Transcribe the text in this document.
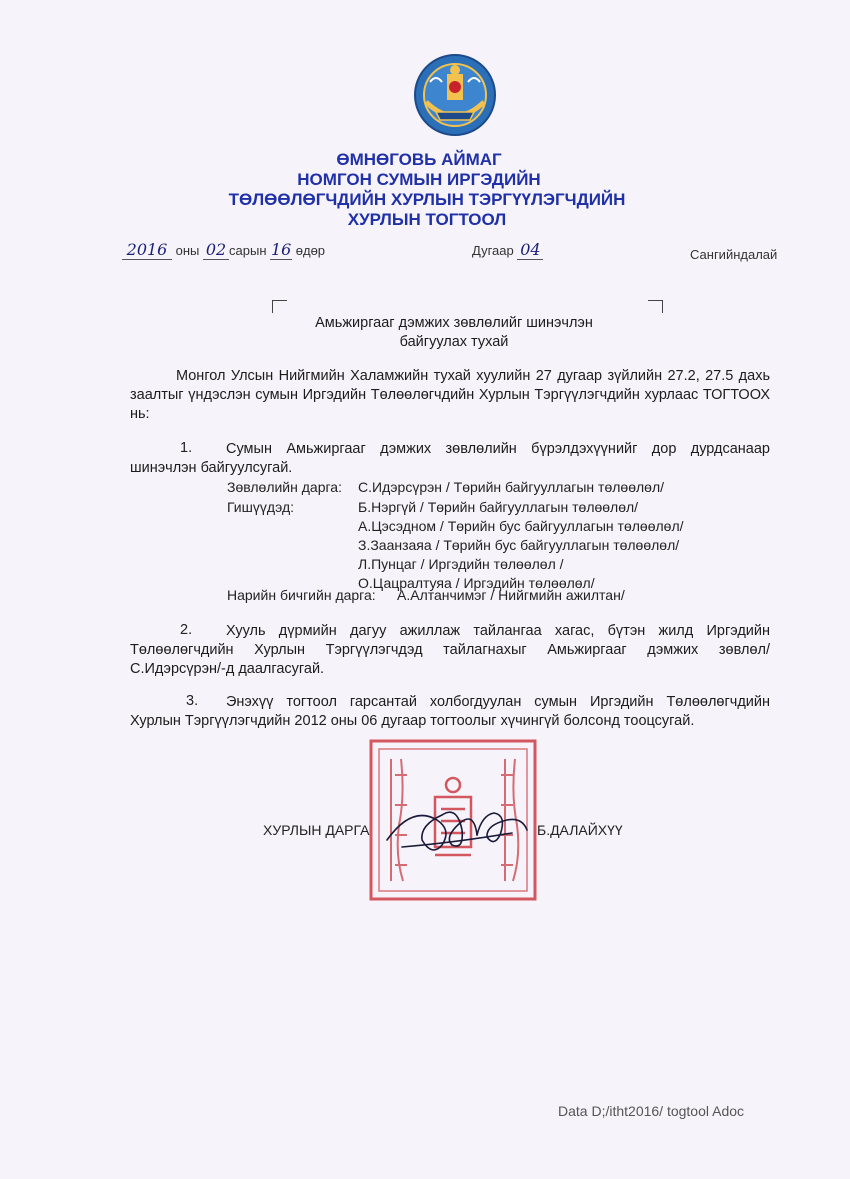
ӨМНӨГОВЬ АЙМАГ
НОМГОН СУМЫН ИРГЭДИЙН
ТӨЛӨӨЛӨГЧДИЙН ХУРЛЫН ТЭРГҮҮЛЭГЧДИЙН
ХУРЛЫН ТОГТООЛ
2016 оны 02 сарын 16 өдөр	Дугаар 04	Сангийндалай
Амьжиргааг дэмжих зөвлөлийг шинэчлэн
байгуулах тухай
Монгол Улсын Нийгмийн Халамжийн тухай хуулийн 27 дугаар зүйлийн 27.2, 27.5 дахь заалтыг үндэслэн сумын Иргэдийн Төлөөлөгчдийн Хурлын Тэргүүлэгчдийн хурлаас ТОГТООХ нь:
1.	Сумын Амьжиргааг дэмжих зөвлөлийн бүрэлдэхүүнийг дор дурдсанаар шинэчлэн байгуулсугай.
Зөвлөлийн дарга: С.Идэрсүрэн / Төрийн байгууллагын төлөөлөл/
Гишүүдэд:	Б.Нэргүй / Төрийн байгууллагын төлөөлөл/
А.Цэсэдном / Төрийн бус байгууллагын төлөөлөл/
З.Заанзаяа / Төрийн бус байгууллагын төлөөлөл/
Л.Пунцаг / Иргэдийн төлөөлөл /
О.Цацралтуяа / Иргэдийн төлөөлөл/
Нарийн бичгийн дарга: А.Алтанчимэг / Нийгмийн ажилтан/
2.	Хууль дүрмийн дагуу ажиллаж тайлангаа хагас, бүтэн жилд Иргэдийн Төлөөлөгчдийн Хурлын Тэргүүлэгчдэд тайлагнахыг Амьжиргааг дэмжих зөвлөл/ С.Идэрсүрэн/-д даалгасугай.
3.	Энэхүү тогтоол гарсантай холбогдуулан сумын Иргэдийн Төлөөлөгчдийн Хурлын Тэргүүлэгчдийн 2012 оны 06 дугаар тогтоолыг хүчингүй болсонд тооцсугай.
ХУРЛЫН ДАРГА	Б.ДАЛАЙХҮҮ
Data D;/itht2016/ togtool Adoc
